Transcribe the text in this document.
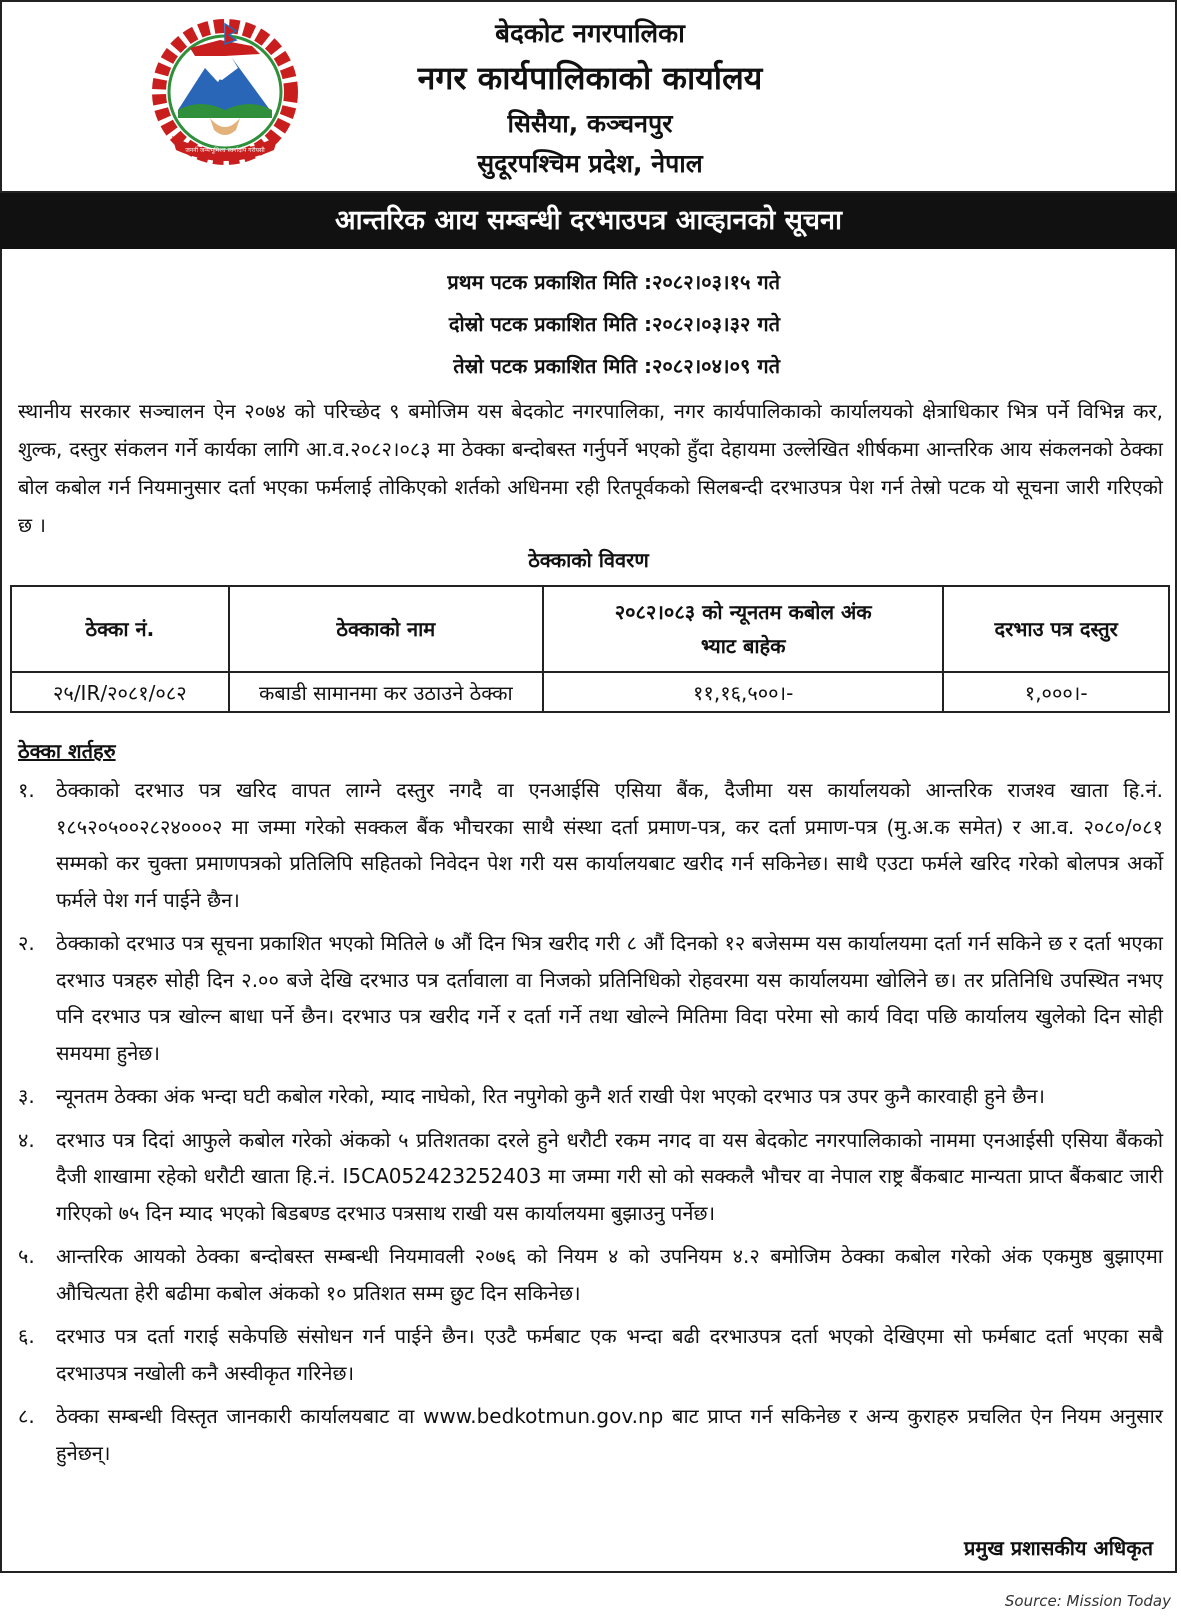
जननी जन्मभूमिश्च स्वर्गादपि गरीयसी
बेदकोट नगरपालिका
नगर कार्यपालिकाको कार्यालय
सिसैया, कञ्चनपुर
सुदूरपश्चिम प्रदेश, नेपाल
आन्तरिक आय सम्बन्धी दरभाउपत्र आव्हानको सूचना
प्रथम पटक प्रकाशित मिति :२०८२।०३।१५ गते
दोस्रो पटक प्रकाशित मिति :२०८२।०३।३२ गते
तेस्रो पटक प्रकाशित मिति :२०८२।०४।०९ गते
स्थानीय सरकार सञ्चालन ऐन २०७४ को परिच्छेद ९ बमोजिम यस बेदकोट नगरपालिका, नगर कार्यपालिकाको कार्यालयको क्षेत्राधिकार भित्र पर्ने विभिन्न कर, शुल्क, दस्तुर संकलन गर्ने कार्यका लागि आ.व.२०८२।०८३ मा ठेक्का बन्दोबस्त गर्नुपर्ने भएको हुँदा देहायमा उल्लेखित शीर्षकमा आन्तरिक आय संकलनको ठेक्का बोल कबोल गर्न नियमानुसार दर्ता भएका फर्मलाई तोकिएको शर्तको अधिनमा रही रितपूर्वकको सिलबन्दी दरभाउपत्र पेश गर्न तेस्रो पटक यो सूचना जारी गरिएको छ ।
ठेक्काको विवरण
ठेक्का नं.	ठेक्काको नाम	२०८२।०८३ को न्यूनतम कबोल अंक भ्याट बाहेक	दरभाउ पत्र दस्तुर
२५/IR/२०८१/०८२	कबाडी सामानमा कर उठाउने ठेक्का	११,१६,५००।-	१,०००।-
ठेक्का शर्तहरु
१. ठेक्काको दरभाउ पत्र खरिद वापत लाग्ने दस्तुर नगदै वा एनआईसि एसिया बैंक, दैजीमा यस कार्यालयको आन्तरिक राजश्व खाता हि.नं. १८५२०५००२८२४०००२ मा जम्मा गरेको सक्कल बैंक भौचरका साथै संस्था दर्ता प्रमाण-पत्र, कर दर्ता प्रमाण-पत्र (मु.अ.क समेत) र आ.व. २०८०/०८१ सम्मको कर चुक्ता प्रमाणपत्रको प्रतिलिपि सहितको निवेदन पेश गरी यस कार्यालयबाट खरीद गर्न सकिनेछ। साथै एउटा फर्मले खरिद गरेको बोलपत्र अर्को फर्मले पेश गर्न पाईने छैन।
२. ठेक्काको दरभाउ पत्र सूचना प्रकाशित भएको मितिले ७ औं दिन भित्र खरीद गरी ८ औं दिनको १२ बजेसम्म यस कार्यालयमा दर्ता गर्न सकिने छ र दर्ता भएका दरभाउ पत्रहरु सोही दिन २.०० बजे देखि दरभाउ पत्र दर्तावाला वा निजको प्रतिनिधिको रोहवरमा यस कार्यालयमा खोलिने छ। तर प्रतिनिधि उपस्थित नभए पनि दरभाउ पत्र खोल्न बाधा पर्ने छैन। दरभाउ पत्र खरीद गर्ने र दर्ता गर्ने तथा खोल्ने मितिमा विदा परेमा सो कार्य विदा पछि कार्यालय खुलेको दिन सोही समयमा हुनेछ।
३. न्यूनतम ठेक्का अंक भन्दा घटी कबोल गरेको, म्याद नाघेको, रित नपुगेको कुनै शर्त राखी पेश भएको दरभाउ पत्र उपर कुनै कारवाही हुने छैन।
४. दरभाउ पत्र दिदां आफुले कबोल गरेको अंकको ५ प्रतिशतका दरले हुने धरौटी रकम नगद वा यस बेदकोट नगरपालिकाको नाममा एनआईसी एसिया बैंकको दैजी शाखामा रहेको धरौटी खाता हि.नं. I5CA052423252403 मा जम्मा गरी सो को सक्कलै भौचर वा नेपाल राष्ट्र बैंकबाट मान्यता प्राप्त बैंकबाट जारी गरिएको ७५ दिन म्याद भएको बिडबण्ड दरभाउ पत्रसाथ राखी यस कार्यालयमा बुझाउनु पर्नेछ।
५. आन्तरिक आयको ठेक्का बन्दोबस्त सम्बन्धी नियमावली २०७६ को नियम ४ को उपनियम ४.२ बमोजिम ठेक्का कबोल गरेको अंक एकमुष्ठ बुझाएमा औचित्यता हेरी बढीमा कबोल अंकको १० प्रतिशत सम्म छुट दिन सकिनेछ।
६. दरभाउ पत्र दर्ता गराई सकेपछि संसोधन गर्न पाईने छैन। एउटै फर्मबाट एक भन्दा बढी दरभाउपत्र दर्ता भएको देखिएमा सो फर्मबाट दर्ता भएका सबै दरभाउपत्र नखोली कनै अस्वीकृत गरिनेछ।
८. ठेक्का सम्बन्धी विस्तृत जानकारी कार्यालयबाट वा www.bedkotmun.gov.np बाट प्राप्त गर्न सकिनेछ र अन्य कुराहरु प्रचलित ऐन नियम अनुसार हुनेछन्।
प्रमुख प्रशासकीय अधिकृत
Source: Mission Today
